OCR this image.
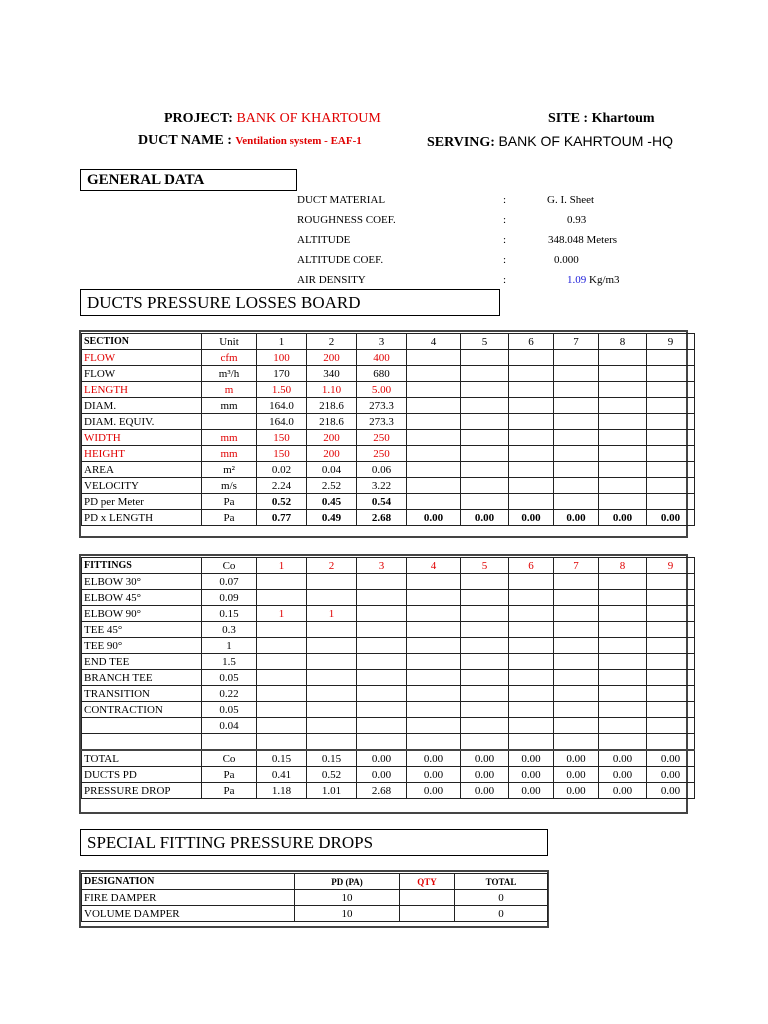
PROJECT: BANK OF KHARTOUM	SITE : Khartoum
DUCT NAME : Ventilation system - EAF-1	SERVING: BANK OF KAHRTOUM -HQ
GENERAL DATA
DUCT MATERIAL	:	G. I. Sheet
ROUGHNESS COEF.	:	0.93
ALTITUDE	:	348.048 Meters
ALTITUDE COEF.	:	0.000
AIR DENSITY	:	1.09 Kg/m3
DUCTS PRESSURE LOSSES BOARD
SECTION	Unit	1	2	3	4	5	6	7	8	9
FLOW	cfm	100	200	400						
FLOW	m³/h	170	340	680						
LENGTH	m	1.50	1.10	5.00						
DIAM.	mm	164.0	218.6	273.3						
DIAM. EQUIV.		164.0	218.6	273.3						
WIDTH	mm	150	200	250						
HEIGHT	mm	150	200	250						
AREA	m²	0.02	0.04	0.06						
VELOCITY	m/s	2.24	2.52	3.22						
PD per Meter	Pa	0.52	0.45	0.54						
PD x LENGTH	Pa	0.77	0.49	2.68	0.00	0.00	0.00	0.00	0.00	0.00
FITTINGS	Co	1	2	3	4	5	6	7	8	9
ELBOW 30°	0.07									
ELBOW 45°	0.09									
ELBOW 90°	0.15	1	1							
TEE 45°	0.3									
TEE 90°	1									
END TEE	1.5									
BRANCH TEE	0.05									
TRANSITION	0.22									
CONTRACTION	0.05									
	0.04									

TOTAL	Co	0.15	0.15	0.00	0.00	0.00	0.00	0.00	0.00	0.00
DUCTS PD	Pa	0.41	0.52	0.00	0.00	0.00	0.00	0.00	0.00	0.00
PRESSURE DROP	Pa	1.18	1.01	2.68	0.00	0.00	0.00	0.00	0.00	0.00
SPECIAL FITTING PRESSURE DROPS
DESIGNATION	PD (PA)	QTY	TOTAL
FIRE DAMPER	10		0
VOLUME DAMPER	10		0
